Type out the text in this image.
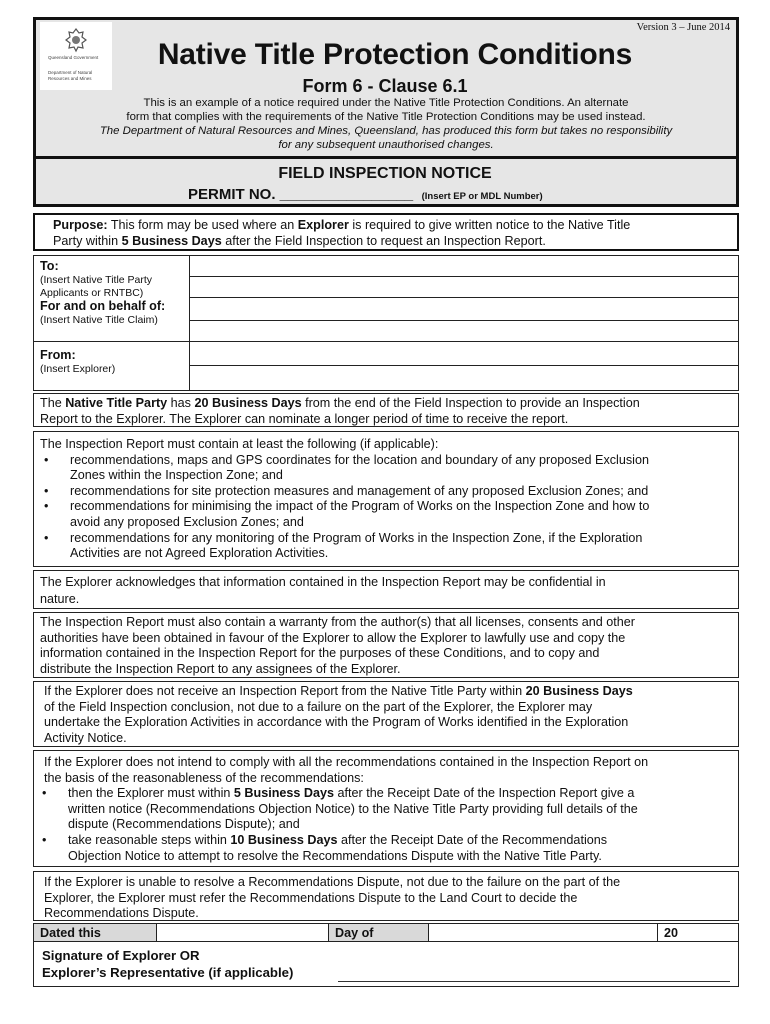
Version 3 – June 2014
Queensland Government
Department of Natural Resources and Mines
Native Title Protection Conditions
Form 6 - Clause 6.1
This is an example of a notice required under the Native Title Protection Conditions. An alternate
form that complies with the requirements of the Native Title Protection Conditions may be used instead.
The Department of Natural Resources and Mines, Queensland, has produced this form but takes no responsibility
for any subsequent unauthorised changes.
FIELD INSPECTION NOTICE
PERMIT NO. ________________ (Insert EP or MDL Number)
Purpose: This form may be used where an Explorer is required to give written notice to the Native Title
Party within 5 Business Days after the Field Inspection to request an Inspection Report.
To:
(Insert Native Title Party
Applicants or RNTBC)
For and on behalf of:
(Insert Native Title Claim)
From:
(Insert Explorer)
The Native Title Party has 20 Business Days from the end of the Field Inspection to provide an Inspection
Report to the Explorer. The Explorer can nominate a longer period of time to receive the report.
The Inspection Report must contain at least the following (if applicable):
• recommendations, maps and GPS coordinates for the location and boundary of any proposed Exclusion
Zones within the Inspection Zone; and
• recommendations for site protection measures and management of any proposed Exclusion Zones; and
• recommendations for minimising the impact of the Program of Works on the Inspection Zone and how to
avoid any proposed Exclusion Zones; and
• recommendations for any monitoring of the Program of Works in the Inspection Zone, if the Exploration
Activities are not Agreed Exploration Activities.
The Explorer acknowledges that information contained in the Inspection Report may be confidential in
nature.
The Inspection Report must also contain a warranty from the author(s) that all licenses, consents and other
authorities have been obtained in favour of the Explorer to allow the Explorer to lawfully use and copy the
information contained in the Inspection Report for the purposes of these Conditions, and to copy and
distribute the Inspection Report to any assignees of the Explorer.
If the Explorer does not receive an Inspection Report from the Native Title Party within 20 Business Days
of the Field Inspection conclusion, not due to a failure on the part of the Explorer, the Explorer may
undertake the Exploration Activities in accordance with the Program of Works identified in the Exploration
Activity Notice.
If the Explorer does not intend to comply with all the recommendations contained in the Inspection Report on
the basis of the reasonableness of the recommendations:
• then the Explorer must within 5 Business Days after the Receipt Date of the Inspection Report give a
written notice (Recommendations Objection Notice) to the Native Title Party providing full details of the
dispute (Recommendations Dispute); and
• take reasonable steps within 10 Business Days after the Receipt Date of the Recommendations
Objection Notice to attempt to resolve the Recommendations Dispute with the Native Title Party.
If the Explorer is unable to resolve a Recommendations Dispute, not due to the failure on the part of the
Explorer, the Explorer must refer the Recommendations Dispute to the Land Court to decide the
Recommendations Dispute.
Dated this	Day of	20
Signature of Explorer OR
Explorer’s Representative (if applicable)
